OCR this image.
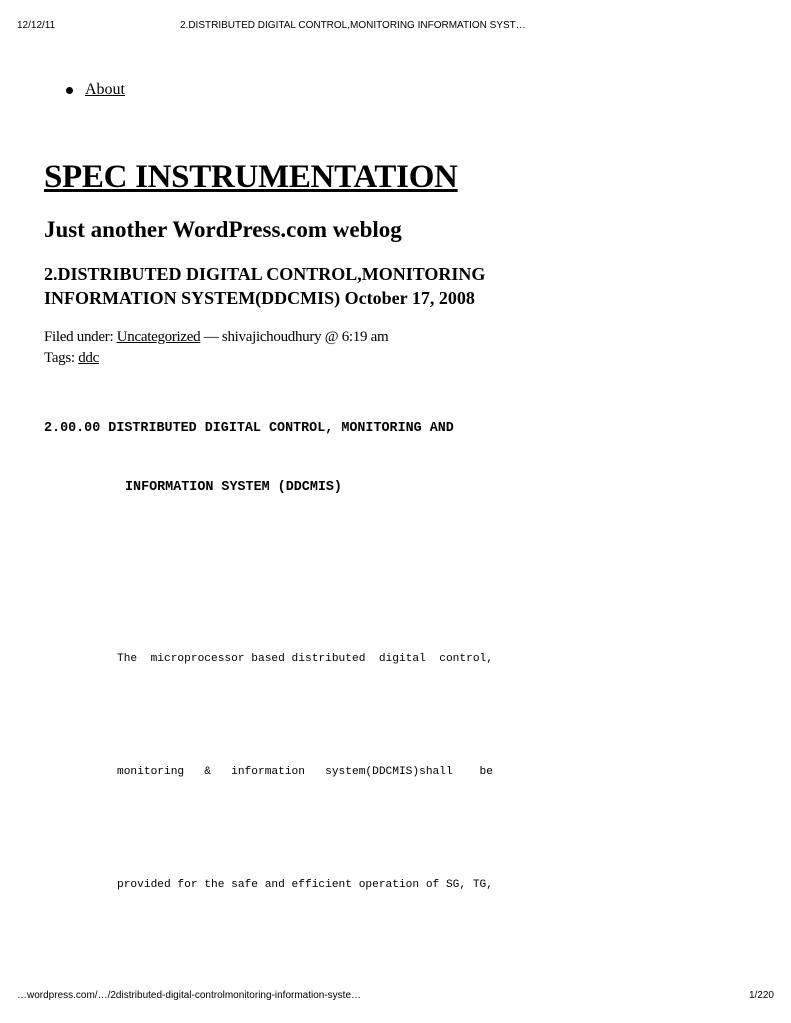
12/12/11	2.DISTRIBUTED DIGITAL CONTROL,MONITORING INFORMATION SYST…
About
SPEC INSTRUMENTATION
Just another WordPress.com weblog
2.DISTRIBUTED DIGITAL CONTROL,MONITORING INFORMATION SYSTEM(DDCMIS) October 17, 2008
Filed under: Uncategorized — shivajichoudhury @ 6:19 am
Tags: ddc
2.00.00 DISTRIBUTED DIGITAL CONTROL, MONITORING AND
INFORMATION SYSTEM (DDCMIS)
The  microprocessor based distributed  digital  control,
monitoring   &   information   system(DDCMIS)shall    be
provided for the safe and efficient operation of SG, TG,
…wordpress.com/…/2distributed-digital-controlmonitoring-information-syste…	1/220
